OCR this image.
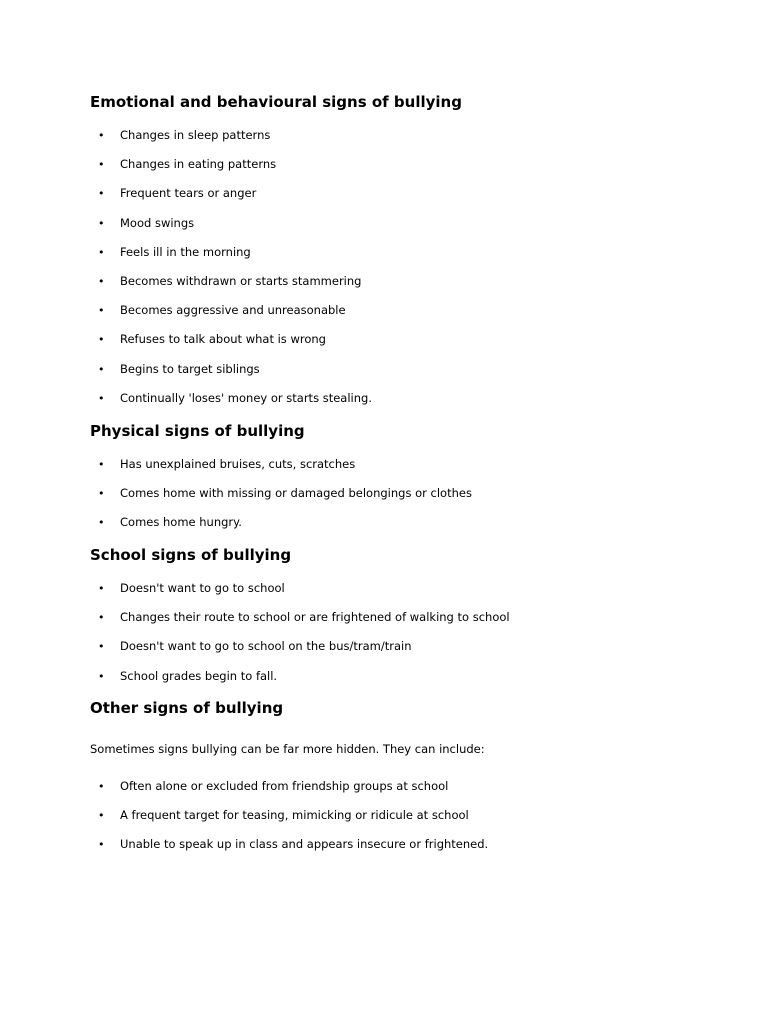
Emotional and behavioural signs of bullying
• Changes in sleep patterns
• Changes in eating patterns
• Frequent tears or anger
• Mood swings
• Feels ill in the morning
• Becomes withdrawn or starts stammering
• Becomes aggressive and unreasonable
• Refuses to talk about what is wrong
• Begins to target siblings
• Continually 'loses' money or starts stealing.
Physical signs of bullying
• Has unexplained bruises, cuts, scratches
• Comes home with missing or damaged belongings or clothes
• Comes home hungry.
School signs of bullying
• Doesn't want to go to school
• Changes their route to school or are frightened of walking to school
• Doesn't want to go to school on the bus/tram/train
• School grades begin to fall.
Other signs of bullying

Sometimes signs bullying can be far more hidden. They can include:

• Often alone or excluded from friendship groups at school
• A frequent target for teasing, mimicking or ridicule at school
• Unable to speak up in class and appears insecure or frightened.
